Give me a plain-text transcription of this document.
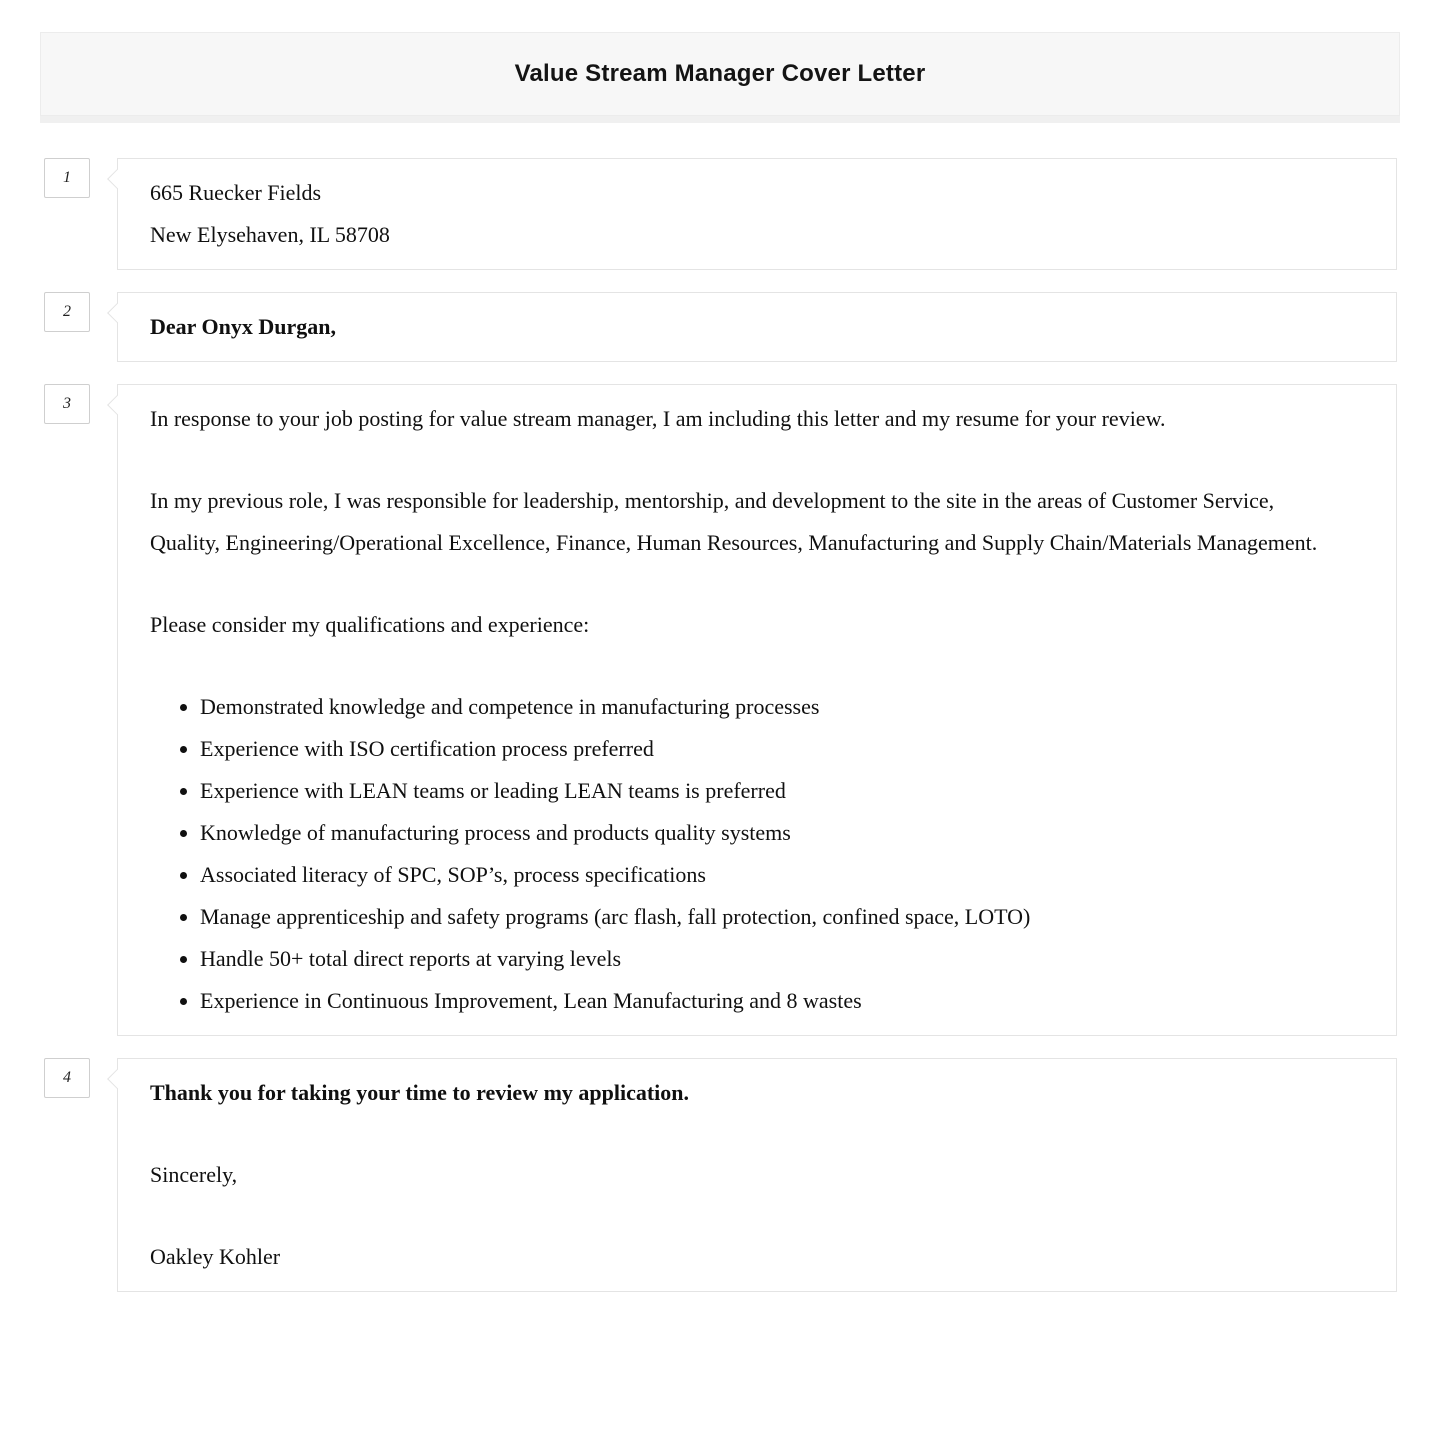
Value Stream Manager Cover Letter
1

665 Ruecker Fields

New Elysehaven, IL 58708

2

Dear Onyx Durgan,

3

In response to your job posting for value stream manager, I am including this letter and my resume for your review.

In my previous role, I was responsible for leadership, mentorship, and development to the site in the areas of Customer Service, Quality, Engineering/Operational Excellence, Finance, Human Resources, Manufacturing and Supply Chain/Materials Management.

Please consider my qualifications and experience:

• Demonstrated knowledge and competence in manufacturing processes
• Experience with ISO certification process preferred
• Experience with LEAN teams or leading LEAN teams is preferred
• Knowledge of manufacturing process and products quality systems
• Associated literacy of SPC, SOP’s, process specifications
• Manage apprenticeship and safety programs (arc flash, fall protection, confined space, LOTO)
• Handle 50+ total direct reports at varying levels
• Experience in Continuous Improvement, Lean Manufacturing and 8 wastes
4

Thank you for taking your time to review my application.

Sincerely,

Oakley Kohler
